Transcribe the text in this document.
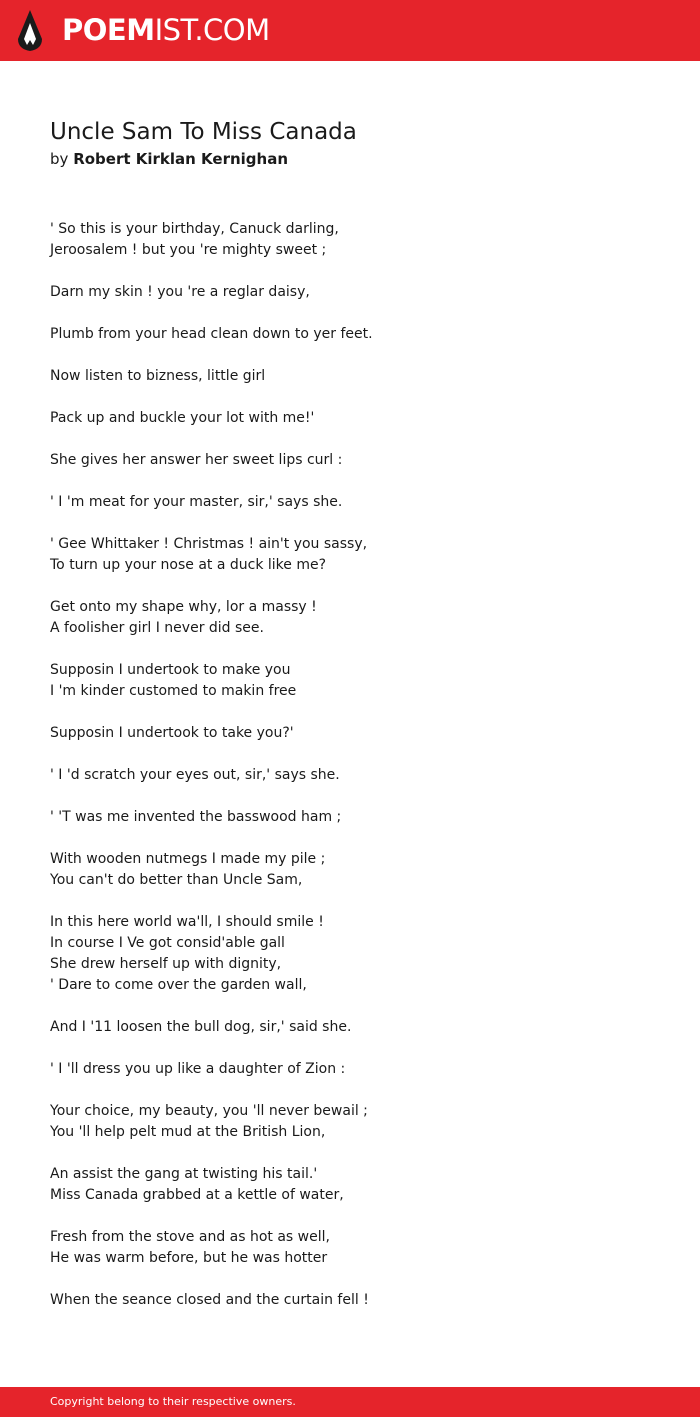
POEMIST.COM
Uncle Sam To Miss Canada
by Robert Kirklan Kernighan
' So this is your birthday, Canuck darling,
Jeroosalem ! but you 're mighty sweet ;
Darn my skin ! you 're a reglar daisy,
Plumb from your head clean down to yer feet.
Now listen to bizness, little girl
Pack up and buckle your lot with me!'
She gives her answer her sweet lips curl :
' I 'm meat for your master, sir,' says she.
' Gee Whittaker ! Christmas ! ain't you sassy,
To turn up your nose at a duck like me?
Get onto my shape why, lor a massy !
A foolisher girl I never did see.
Supposin I undertook to make you
I 'm kinder customed to makin free
Supposin I undertook to take you?'
' I 'd scratch your eyes out, sir,' says she.
' 'T was me invented the basswood ham ;
With wooden nutmegs I made my pile ;
You can't do better than Uncle Sam,
In this here world wa'll, I should smile !
In course I Ve got consid'able gall
She drew herself up with dignity,
' Dare to come over the garden wall,
And I '11 loosen the bull dog, sir,' said she.
' I 'll dress you up like a daughter of Zion :
Your choice, my beauty, you 'll never bewail ;
You 'll help pelt mud at the British Lion,
An assist the gang at twisting his tail.'
Miss Canada grabbed at a kettle of water,
Fresh from the stove and as hot as well,
He was warm before, but he was hotter
When the seance closed and the curtain fell !
Copyright belong to their respective owners.
